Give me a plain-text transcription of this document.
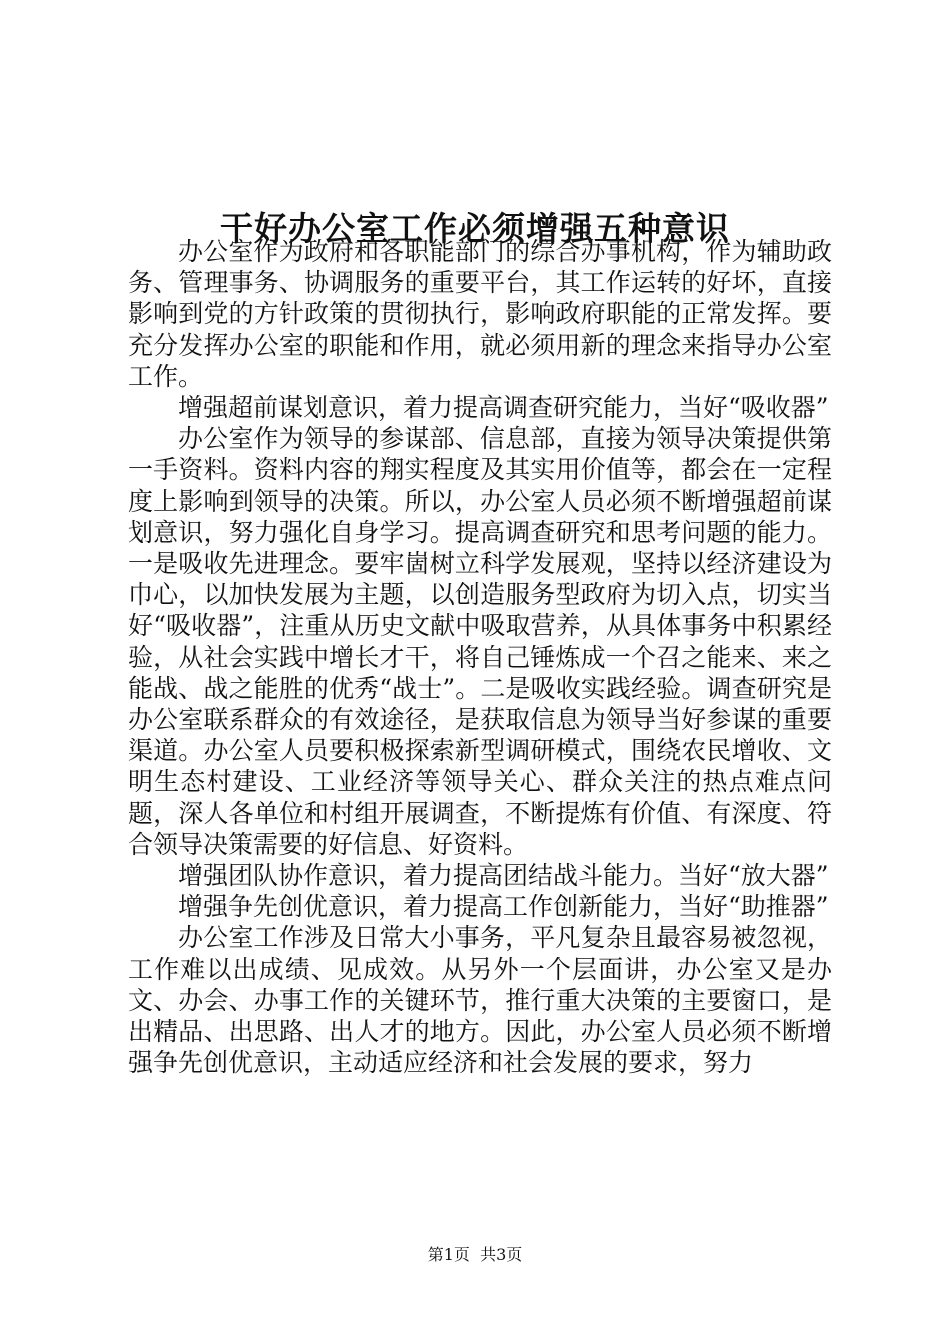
干好办公室工作必须增强五种意识

办公室作为政府和各职能部门的综合办事机构，作为辅助政务、管理事务、协调服务的重要平台，其工作运转的好坏，直接影响到党的方针政策的贯彻执行，影响政府职能的正常发挥。要充分发挥办公室的职能和作用，就必须用新的理念来指导办公室工作。

增强超前谋划意识，着力提高调查研究能力，当好“吸收器”

办公室作为领导的参谋部、信息部，直接为领导决策提供第一手资料。资料内容的翔实程度及其实用价值等，都会在一定程度上影响到领导的决策。所以，办公室人员必须不断增强超前谋划意识，努力强化自身学习。提高调查研究和思考问题的能力。一是吸收先进理念。要牢崮树立科学发展观，坚持以经济建设为巾心，以加快发展为主题，以创造服务型政府为切入点，切实当好“吸收器”，注重从历史文献中吸取营养，从具体事务中积累经验，从社会实践中增长才干，将自己锤炼成一个召之能来、来之能战、战之能胜的优秀“战士”。二是吸收实践经验。调查研究是办公室联系群众的有效途径，是获取信息为领导当好参谋的重要渠道。办公室人员要积极探索新型调研模式，围绕农民增收、文明生态村建设、工业经济等领导关心、群众关注的热点难点问题，深人各单位和村组开展调查，不断提炼有价值、有深度、符合领导决策需要的好信息、好资料。

增强团队协作意识，着力提高团结战斗能力。当好“放大器”

增强争先创优意识，着力提高工作创新能力，当好“助推器”

办公室工作涉及日常大小事务，平凡复杂且最容易被忽视，工作难以出成绩、见成效。从另外一个层面讲，办公室又是办文、办会、办事工作的关键环节，推行重大决策的主要窗口，是出精品、出思路、出人才的地方。因此，办公室人员必须不断增强争先创优意识，主动适应经济和社会发展的要求，努力

第1页 共3页
